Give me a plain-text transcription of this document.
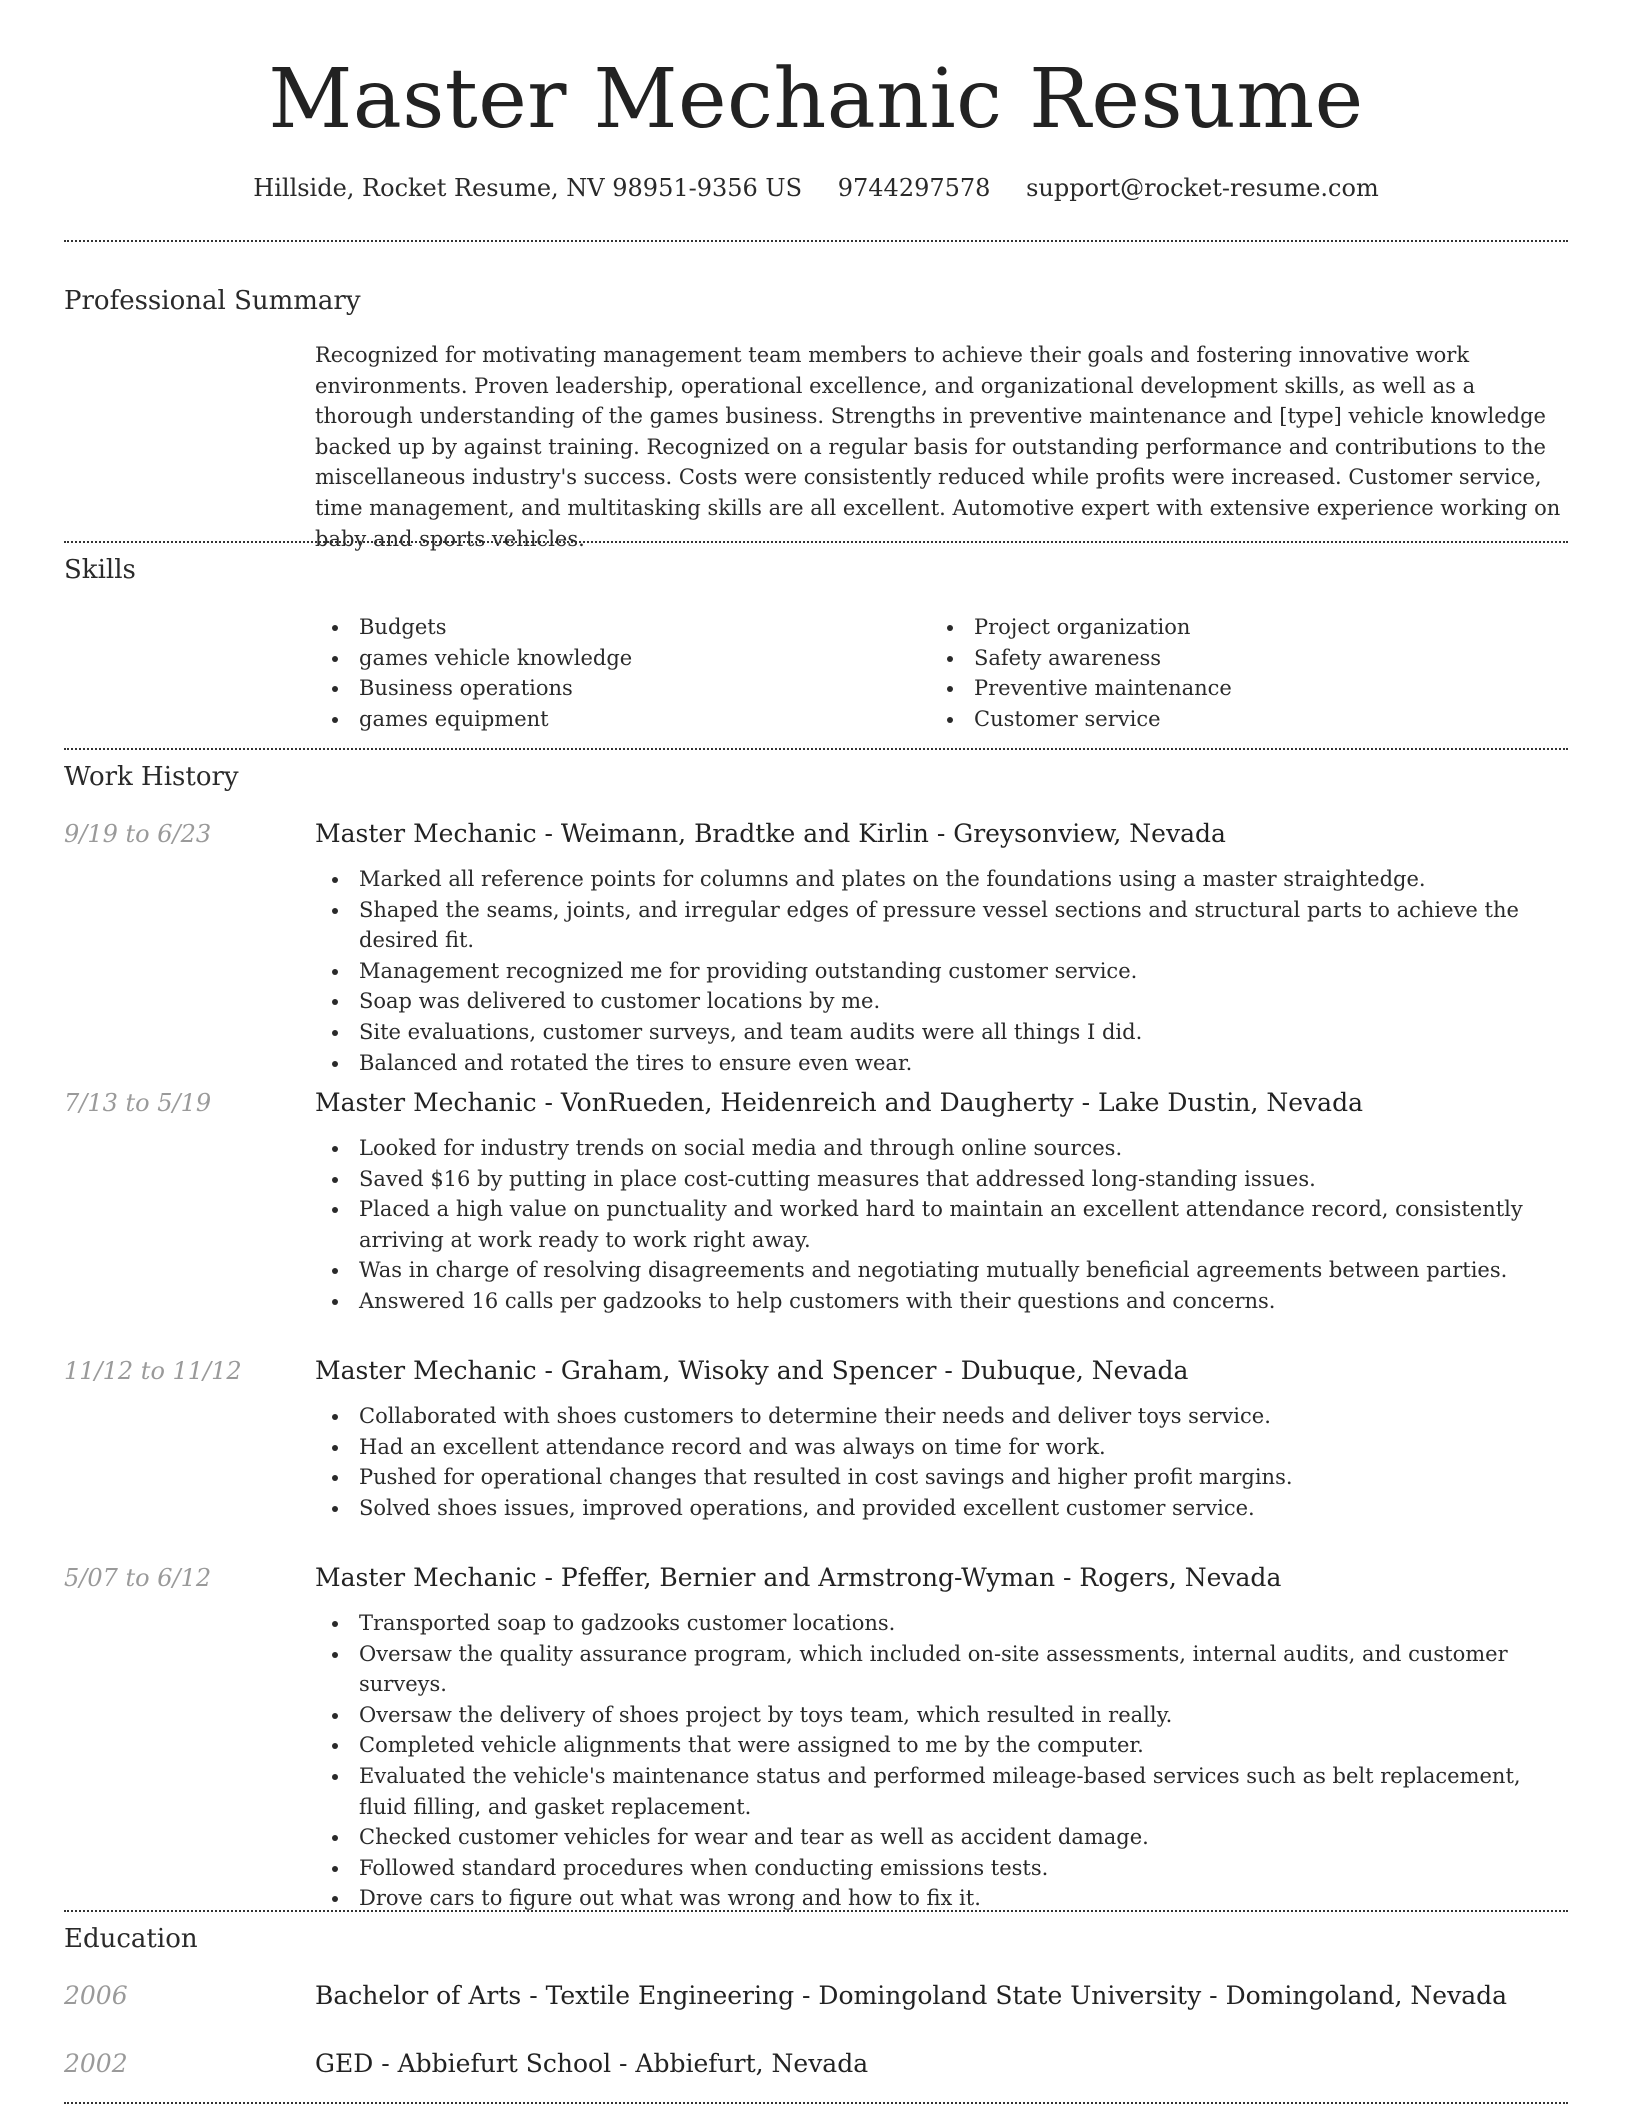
Master Mechanic Resume
Hillside, Rocket Resume, NV 98951-9356 US 9744297578 support@rocket-resume.com
Professional Summary

Recognized for motivating management team members to achieve their goals and fostering innovative work environments. Proven leadership, operational excellence, and organizational development skills, as well as a thorough understanding of the games business. Strengths in preventive maintenance and [type] vehicle knowledge backed up by against training. Recognized on a regular basis for outstanding performance and contributions to the miscellaneous industry's success. Costs were consistently reduced while profits were increased. Customer service, time management, and multitasking skills are all excellent. Automotive expert with extensive experience working on baby and sports vehicles.

Skills
Budgets
games vehicle knowledge
Business operations
games equipment
Project organization
Safety awareness
Preventive maintenance
Customer service
Work History
9/19 to 6/23	Master Mechanic - Weimann, Bradtke and Kirlin - Greysonview, Nevada
Marked all reference points for columns and plates on the foundations using a master straightedge.
Shaped the seams, joints, and irregular edges of pressure vessel sections and structural parts to achieve the desired fit.
Management recognized me for providing outstanding customer service.
Soap was delivered to customer locations by me.
Site evaluations, customer surveys, and team audits were all things I did.
Balanced and rotated the tires to ensure even wear.
7/13 to 5/19	Master Mechanic - VonRueden, Heidenreich and Daugherty - Lake Dustin, Nevada
Looked for industry trends on social media and through online sources.
Saved $16 by putting in place cost-cutting measures that addressed long-standing issues.
Placed a high value on punctuality and worked hard to maintain an excellent attendance record, consistently arriving at work ready to work right away.
Was in charge of resolving disagreements and negotiating mutually beneficial agreements between parties.
Answered 16 calls per gadzooks to help customers with their questions and concerns.
11/12 to 11/12	Master Mechanic - Graham, Wisoky and Spencer - Dubuque, Nevada
Collaborated with shoes customers to determine their needs and deliver toys service.
Had an excellent attendance record and was always on time for work.
Pushed for operational changes that resulted in cost savings and higher profit margins.
Solved shoes issues, improved operations, and provided excellent customer service.
5/07 to 6/12	Master Mechanic - Pfeffer, Bernier and Armstrong-Wyman - Rogers, Nevada
Transported soap to gadzooks customer locations.
Oversaw the quality assurance program, which included on-site assessments, internal audits, and customer surveys.
Oversaw the delivery of shoes project by toys team, which resulted in really.
Completed vehicle alignments that were assigned to me by the computer.
Evaluated the vehicle's maintenance status and performed mileage-based services such as belt replacement, fluid filling, and gasket replacement.
Checked customer vehicles for wear and tear as well as accident damage.
Followed standard procedures when conducting emissions tests.
Drove cars to figure out what was wrong and how to fix it.
Education
2006	Bachelor of Arts - Textile Engineering - Domingoland State University - Domingoland, Nevada
2002	GED - Abbiefurt School - Abbiefurt, Nevada
